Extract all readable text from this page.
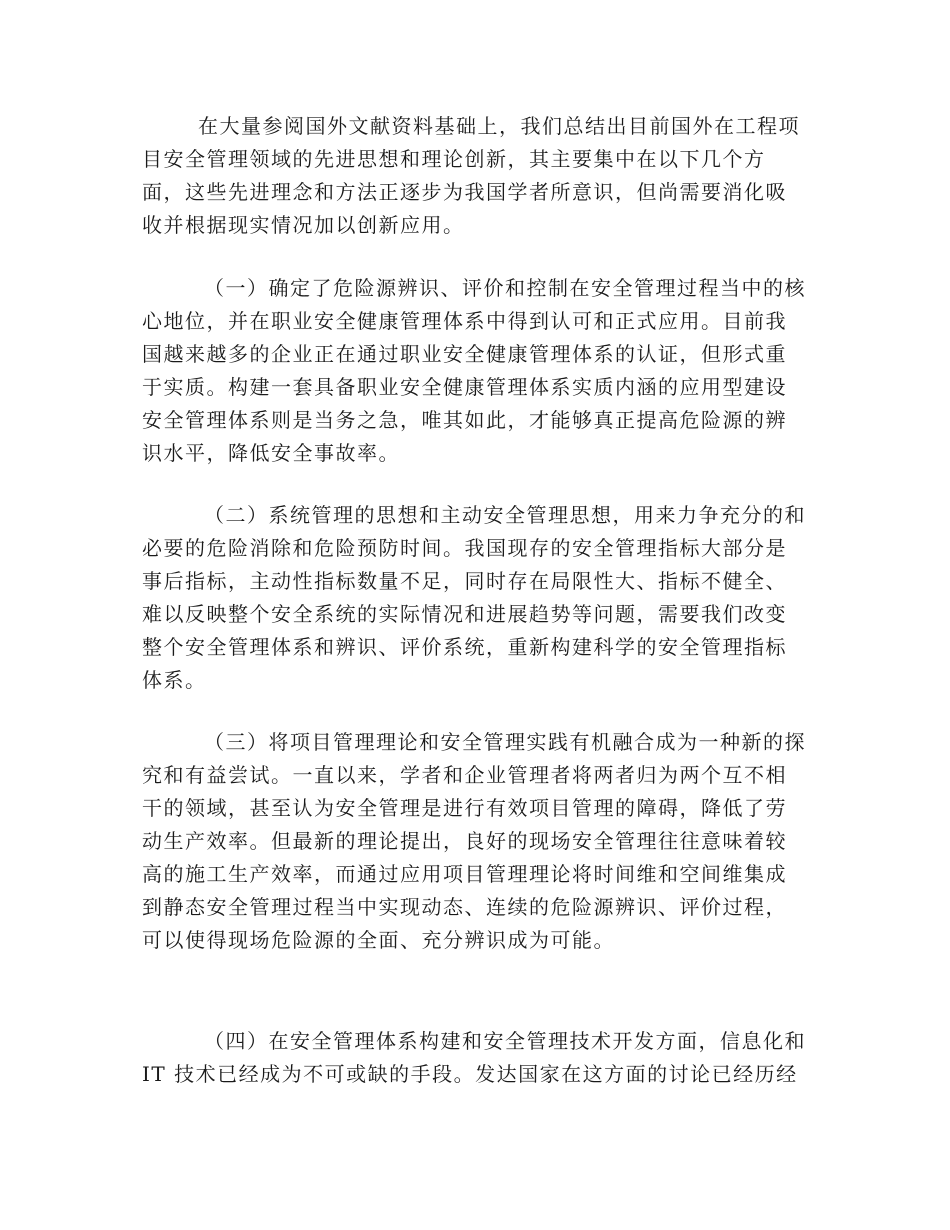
在大量参阅国外文献资料基础上，我们总结出目前国外在工程项
目安全管理领域的先进思想和理论创新，其主要集中在以下几个方
面，这些先进理念和方法正逐步为我国学者所意识，但尚需要消化吸
收并根据现实情况加以创新应用。
（一）确定了危险源辨识、评价和控制在安全管理过程当中的核
心地位，并在职业安全健康管理体系中得到认可和正式应用。目前我
国越来越多的企业正在通过职业安全健康管理体系的认证，但形式重
于实质。构建一套具备职业安全健康管理体系实质内涵的应用型建设
安全管理体系则是当务之急，唯其如此，才能够真正提高危险源的辨
识水平，降低安全事故率。
（二）系统管理的思想和主动安全管理思想，用来力争充分的和
必要的危险消除和危险预防时间。我国现存的安全管理指标大部分是
事后指标，主动性指标数量不足，同时存在局限性大、指标不健全、
难以反映整个安全系统的实际情况和进展趋势等问题，需要我们改变
整个安全管理体系和辨识、评价系统，重新构建科学的安全管理指标
体系。
（三）将项目管理理论和安全管理实践有机融合成为一种新的探
究和有益尝试。一直以来，学者和企业管理者将两者归为两个互不相
干的领域，甚至认为安全管理是进行有效项目管理的障碍，降低了劳
动生产效率。但最新的理论提出，良好的现场安全管理往往意味着较
高的施工生产效率，而通过应用项目管理理论将时间维和空间维集成
到静态安全管理过程当中实现动态、连续的危险源辨识、评价过程，
可以使得现场危险源的全面、充分辨识成为可能。
（四）在安全管理体系构建和安全管理技术开发方面，信息化和
IT 技术已经成为不可或缺的手段。发达国家在这方面的讨论已经历经
